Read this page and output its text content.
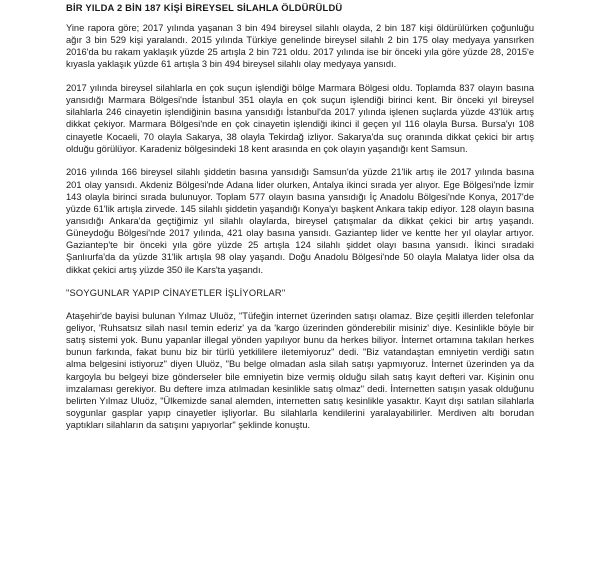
BİR YILDA 2 BİN 187 KİŞİ BİREYSEL SİLAHLA ÖLDÜRÜLDÜ

Yine rapora göre; 2017 yılında yaşanan 3 bin 494 bireysel silahlı olayda, 2 bin 187 kişi öldürülürken çoğunluğu ağır 3 bin 529 kişi yaralandı. 2015 yılında Türkiye genelinde bireysel silahlı 2 bin 175 olay medyaya yansırken 2016'da bu rakam yaklaşık yüzde 25 artışla 2 bin 721 oldu. 2017 yılında ise bir önceki yıla göre yüzde 28, 2015'e kıyasla yaklaşık yüzde 61 artışla 3 bin 494 bireysel silahlı olay medyaya yansıdı.

2017 yılında bireysel silahlarla en çok suçun işlendiği bölge Marmara Bölgesi oldu. Toplamda 837 olayın basına yansıdığı Marmara Bölgesi'nde İstanbul 351 olayla en çok suçun işlendiği birinci kent. Bir önceki yıl bireysel silahlarla 246 cinayetin işlendiğinin basına yansıdığı İstanbul'da 2017 yılında işlenen suçlarda yüzde 43'lük artış dikkat çekiyor. Marmara Bölgesi'nde en çok cinayetin işlendiği ikinci il geçen yıl 116 olayla Bursa. Bursa'yı 108 cinayetle Kocaeli, 70 olayla Sakarya, 38 olayla Tekirdağ izliyor. Sakarya'da suç oranında dikkat çekici bir artış olduğu görülüyor. Karadeniz bölgesindeki 18 kent arasında en çok olayın yaşandığı kent Samsun.

2016 yılında 166 bireysel silahlı şiddetin basına yansıdığı Samsun'da yüzde 21'lik artış ile 2017 yılında basına 201 olay yansıdı. Akdeniz Bölgesi'nde Adana lider olurken, Antalya ikinci sırada yer alıyor. Ege Bölgesi'nde İzmir 143 olayla birinci sırada bulunuyor. Toplam 577 olayın basına yansıdığı İç Anadolu Bölgesi'nde Konya, 2017'de yüzde 61'lik artışla zirvede. 145 silahlı şiddetin yaşandığı Konya'yı başkent Ankara takip ediyor. 128 olayın basına yansıdığı Ankara'da geçtiğimiz yıl silahlı olaylarda, bireysel çatışmalar da dikkat çekici bir artış yaşandı. Güneydoğu Bölgesi'nde 2017 yılında, 421 olay basına yansıdı. Gaziantep lider ve kentte her yıl olaylar artıyor. Gaziantep'te bir önceki yıla göre yüzde 25 artışla 124 silahlı şiddet olayı basına yansıdı. İkinci sıradaki Şanlıurfa'da da yüzde 31'lik artışla 98 olay yaşandı. Doğu Anadolu Bölgesi'nde 50 olayla Malatya lider olsa da dikkat çekici artış yüzde 350 ile Kars'ta yaşandı.

"SOYGUNLAR YAPIP CİNAYETLER İŞLİYORLAR"

Ataşehir'de bayisi bulunan Yılmaz Uluöz, "Tüfeğin internet üzerinden satışı olamaz. Bize çeşitli illerden telefonlar geliyor, 'Ruhsatsız silah nasıl temin ederiz' ya da 'kargo üzerinden gönderebilir misiniz' diye. Kesinlikle böyle bir satış sistemi yok. Bunu yapanlar illegal yönden yapılıyor bunu da herkes biliyor. İnternet ortamına takılan herkes bunun farkında, fakat bunu biz bir türlü yetkililere iletemiyoruz" dedi. "Biz vatandaştan emniyetin verdiği satın alma belgesini istiyoruz" diyen Uluöz, "Bu belge olmadan asla silah satışı yapmıyoruz. İnternet üzerinden ya da kargoyla bu belgeyi bize gönderseler bile emniyetin bize vermiş olduğu silah satış kayıt defteri var. Kişinin onu imzalaması gerekiyor. Bu deftere imza atılmadan kesinlikle satış olmaz" dedi. İnternetten satışın yasak olduğunu belirten Yılmaz Uluöz, "Ülkemizde sanal alemden, internetten satış kesinlikle yasaktır. Kayıt dışı satılan silahlarla soygunlar gasplar yapıp cinayetler işliyorlar. Bu silahlarla kendilerini yaralayabilirler. Merdiven altı borudan yaptıkları silahların da satışını yapıyorlar" şeklinde konuştu.
